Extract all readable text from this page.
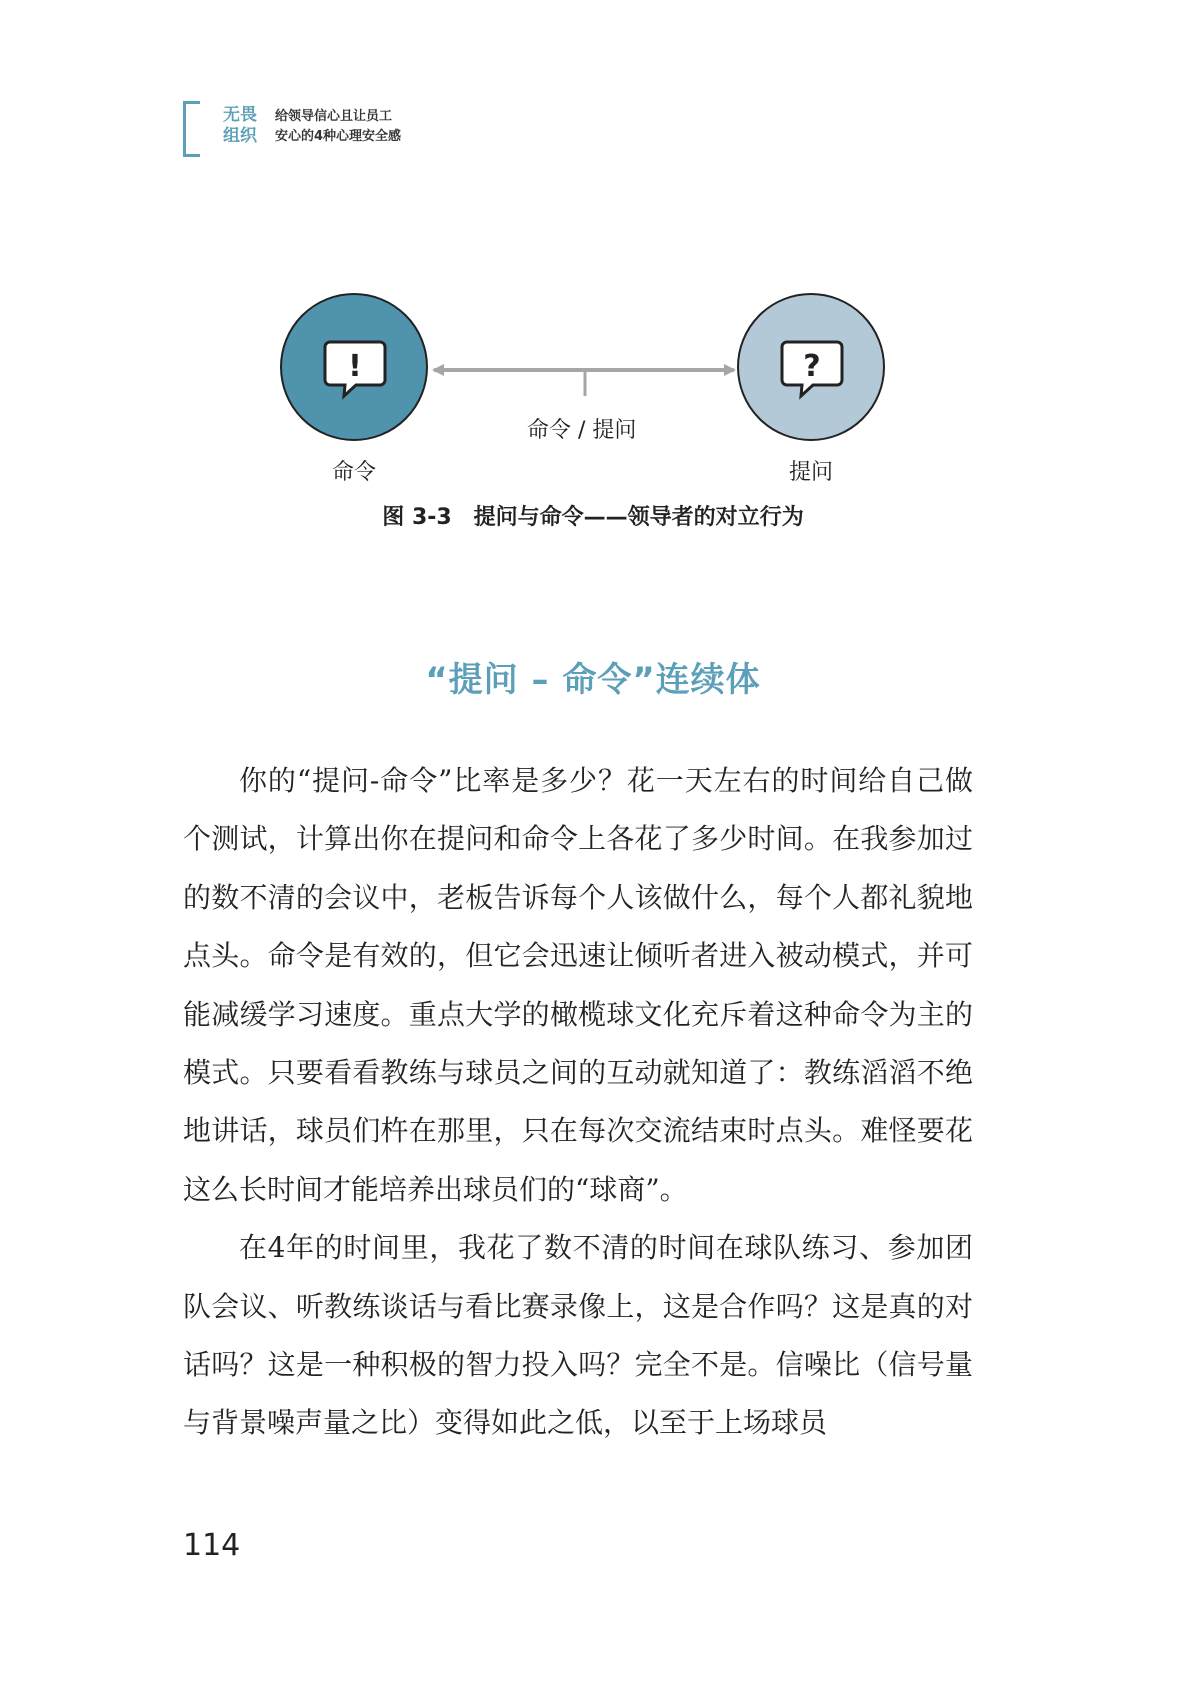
无畏
组织
给领导信心且让员工
安心的4种心理安全感
!	?
命令 / 提问
命令	提问
图 3-3　提问与命令——领导者的对立行为
“提问 – 命令”连续体

你的“提问-命令”比率是多少？花一天左右的时间给自己做个测试，计算出你在提问和命令上各花了多少时间。在我参加过的数不清的会议中，老板告诉每个人该做什么，每个人都礼貌地点头。命令是有效的，但它会迅速让倾听者进入被动模式，并可能减缓学习速度。重点大学的橄榄球文化充斥着这种命令为主的模式。只要看看教练与球员之间的互动就知道了：教练滔滔不绝地讲话，球员们杵在那里，只在每次交流结束时点头。难怪要花这么长时间才能培养出球员们的“球商”。

在4年的时间里，我花了数不清的时间在球队练习、参加团队会议、听教练谈话与看比赛录像上，这是合作吗？这是真的对话吗？这是一种积极的智力投入吗？完全不是。信噪比（信号量与背景噪声量之比）变得如此之低，以至于上场球员

114
